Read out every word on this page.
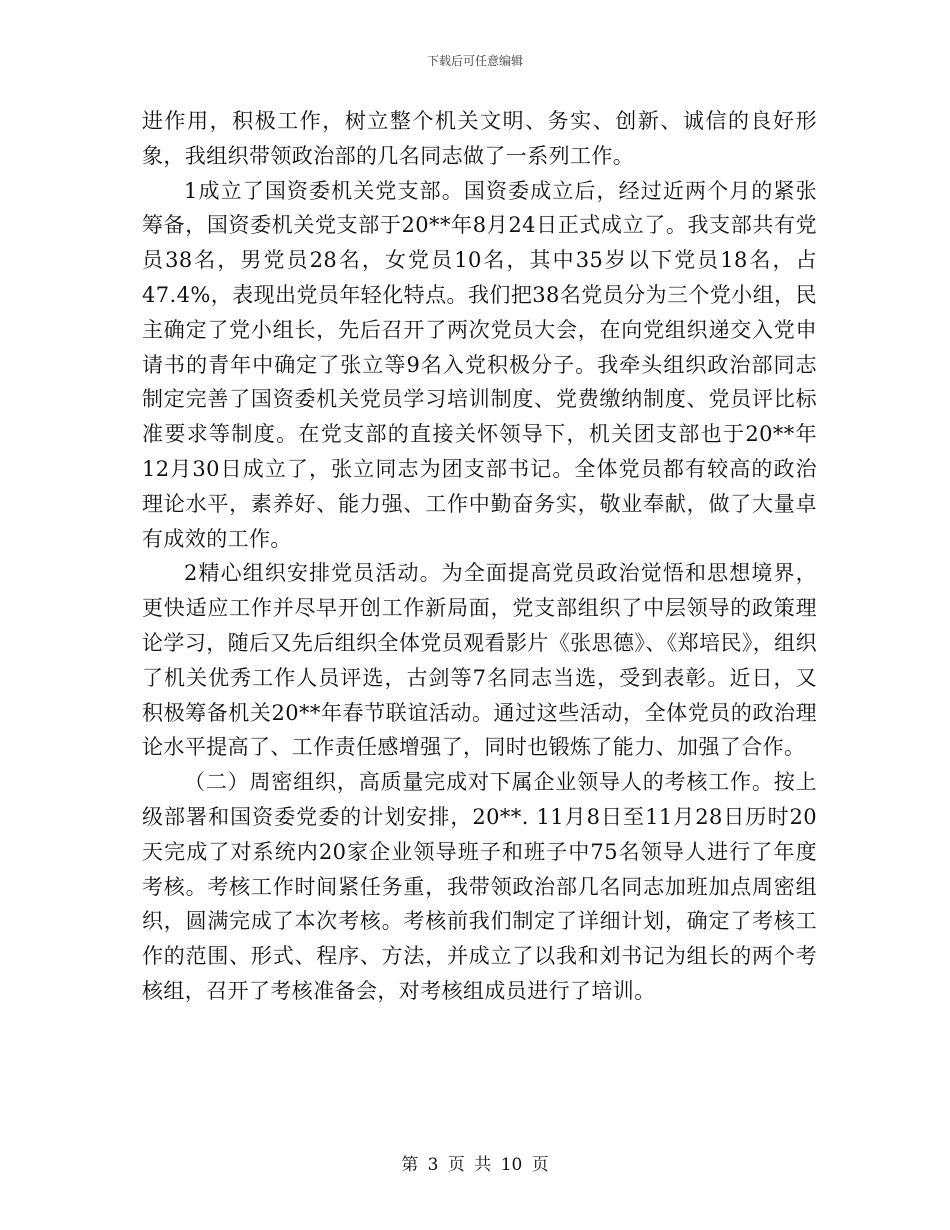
下载后可任意编辑

进作用，积极工作，树立整个机关文明、务实、创新、诚信的良好形象，我组织带领政治部的几名同志做了一系列工作。

1成立了国资委机关党支部。国资委成立后，经过近两个月的紧张筹备，国资委机关党支部于20**年8月24日正式成立了。我支部共有党员38名，男党员28名，女党员10名，其中35岁以下党员18名，占47.4%，表现出党员年轻化特点。我们把38名党员分为三个党小组，民主确定了党小组长，先后召开了两次党员大会，在向党组织递交入党申请书的青年中确定了张立等9名入党积极分子。我牵头组织政治部同志制定完善了国资委机关党员学习培训制度、党费缴纳制度、党员评比标准要求等制度。在党支部的直接关怀领导下，机关团支部也于20**年12月30日成立了，张立同志为团支部书记。全体党员都有较高的政治理论水平，素养好、能力强、工作中勤奋务实，敬业奉献，做了大量卓有成效的工作。

2精心组织安排党员活动。为全面提高党员政治觉悟和思想境界，更快适应工作并尽早开创工作新局面，党支部组织了中层领导的政策理论学习，随后又先后组织全体党员观看影片《张思德》、《郑培民》，组织了机关优秀工作人员评选，古剑等7名同志当选，受到表彰。近日，又积极筹备机关20**年春节联谊活动。通过这些活动，全体党员的政治理论水平提高了、工作责任感增强了，同时也锻炼了能力、加强了合作。

（二）周密组织，高质量完成对下属企业领导人的考核工作。按上级部署和国资委党委的计划安排，20**. 11月8日至11月28日历时20天完成了对系统内20家企业领导班子和班子中75名领导人进行了年度考核。考核工作时间紧任务重，我带领政治部几名同志加班加点周密组织，圆满完成了本次考核。考核前我们制定了详细计划，确定了考核工作的范围、形式、程序、方法，并成立了以我和刘书记为组长的两个考核组，召开了考核准备会，对考核组成员进行了培训。

第 3 页 共 10 页
